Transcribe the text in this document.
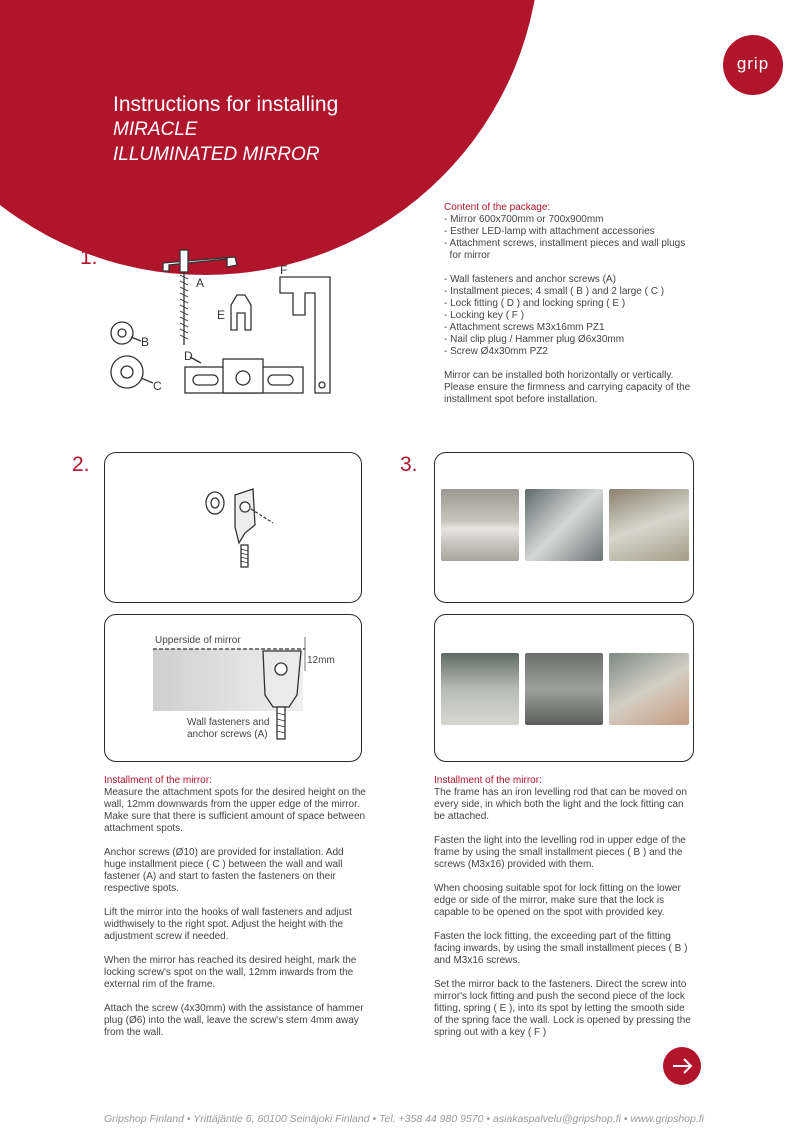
Instructions for installing
MIRACLE
ILLUMINATED MIRROR
grip
1.
2.	3.
A
E
F
B
C
D
Content of the package:
- Mirror 600x700mm or 700x900mm
- Esther LED-lamp with attachment accessories
- Attachment screws, installment pieces and wall plugs
for mirror
- Wall fasteners and anchor screws (A)
- Installment pieces; 4 small ( B ) and 2 large ( C )
- Lock fitting ( D ) and locking spring ( E )
- Locking key ( F )
- Attachment screws M3x16mm PZ1
- Nail clip plug / Hammer plug Ø6x30mm
- Screw Ø4x30mm PZ2
Mirror can be installed both horizontally or vertically. Please ensure the firmness and carrying capacity of the installment spot before installation.
Upperside of mirror
12mm
Wall fasteners and
anchor screws (A)
Installment of the mirror:

Measure the attachment spots for the desired height on the wall, 12mm downwards from the upper edge of the mirror. Make sure that there is sufficient amount of space between attachment spots.

Anchor screws (Ø10) are provided for installation. Add huge installment piece ( C ) between the wall and wall fastener (A) and start to fasten the fasteners on their respective spots.

Lift the mirror into the hooks of wall fasteners and adjust widthwisely to the right spot. Adjust the height with the adjustment screw if needed.

When the mirror has reached its desired height, mark the locking screw's spot on the wall, 12mm inwards from the external rim of the frame.

Attach the screw (4x30mm) with the assistance of hammer plug (Ø6) into the wall, leave the screw's stem 4mm away from the wall.

Installment of the mirror:

The frame has an iron levelling rod that can be moved on every side, in which both the light and the lock fitting can be attached.

Fasten the light into the levelling rod in upper edge of the frame by using the small installment pieces ( B ) and the screws (M3x16) provided with them.

When choosing suitable spot for lock fitting on the lower edge or side of the mirror, make sure that the lock is capable to be opened on the spot with provided key.

Fasten the lock fitting, the exceeding part of the fitting facing inwards, by using the small installment pieces ( B ) and M3x16 screws.

Set the mirror back to the fasteners. Direct the screw into mirror's lock fitting and push the second piece of the lock fitting, spring ( E ), into its spot by letting the smooth side of the spring face the wall. Lock is opened by pressing the spring out with a key ( F )

Gripshop Finland • Yrittäjäntie 6, 60100 Seinäjoki Finland • Tel. +358 44 980 9570 • asiakaspalvelu@gripshop.fi • www.gripshop.fi
